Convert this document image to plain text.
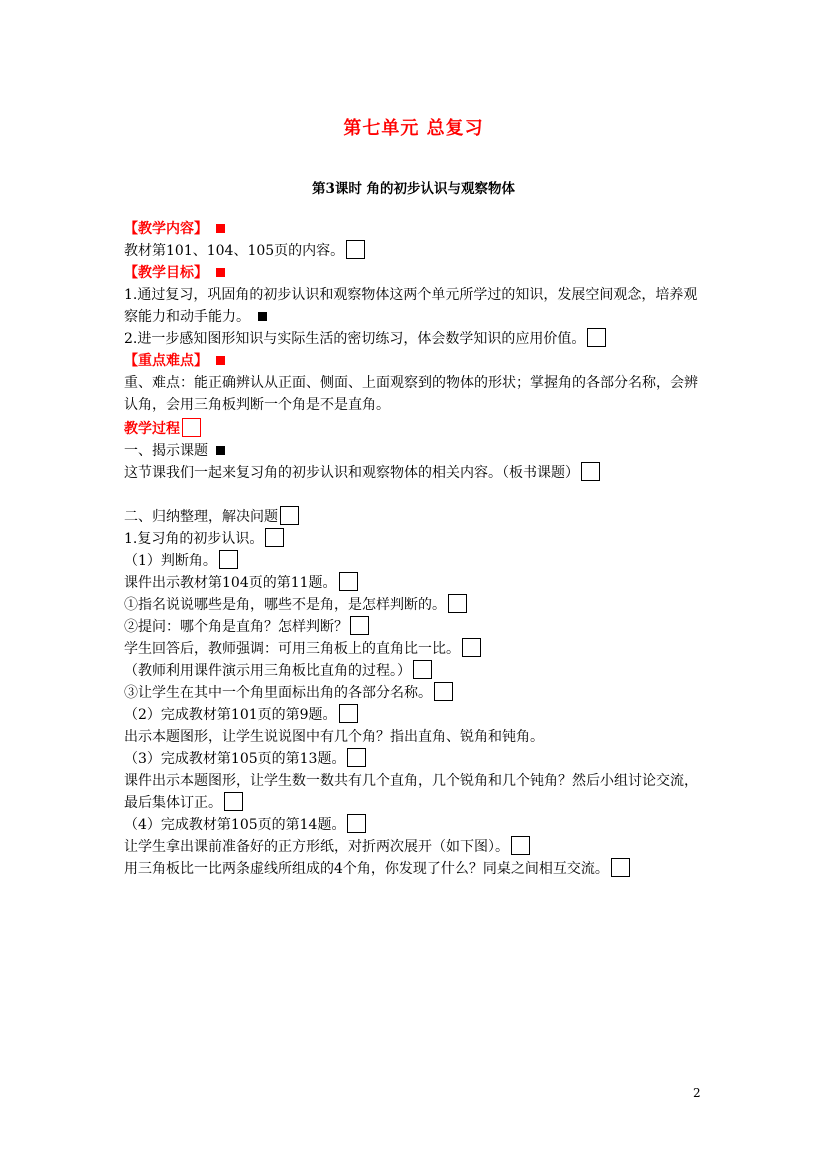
第七单元 总复习
第3课时 角的初步认识与观察物体
【教学内容】
教材第101、104、105页的内容。
【教学目标】
1.通过复习，巩固角的初步认识和观察物体这两个单元所学过的知识，发展空间观念，培养观察能力和动手能力。
2.进一步感知图形知识与实际生活的密切练习，体会数学知识的应用价值。
【重点难点】
重、难点：能正确辨认从正面、侧面、上面观察到的物体的形状；掌握角的各部分名称，会辨认角，会用三角板判断一个角是不是直角。
教学过程
一、揭示课题
这节课我们一起来复习角的初步认识和观察物体的相关内容。（板书课题）
二、归纳整理，解决问题
1.复习角的初步认识。
（1）判断角。
课件出示教材第104页的第11题。
①指名说说哪些是角，哪些不是角，是怎样判断的。
②提问：哪个角是直角？怎样判断？
学生回答后，教师强调：可用三角板上的直角比一比。
（教师利用课件演示用三角板比直角的过程。）
③让学生在其中一个角里面标出角的各部分名称。
（2）完成教材第101页的第9题。
出示本题图形，让学生说说图中有几个角？指出直角、锐角和钝角。
（3）完成教材第105页的第13题。
课件出示本题图形，让学生数一数共有几个直角，几个锐角和几个钝角？然后小组讨论交流，最后集体订正。
（4）完成教材第105页的第14题。
让学生拿出课前准备好的正方形纸，对折两次展开（如下图）。
用三角板比一比两条虚线所组成的4个角，你发现了什么？同桌之间相互交流。
2
